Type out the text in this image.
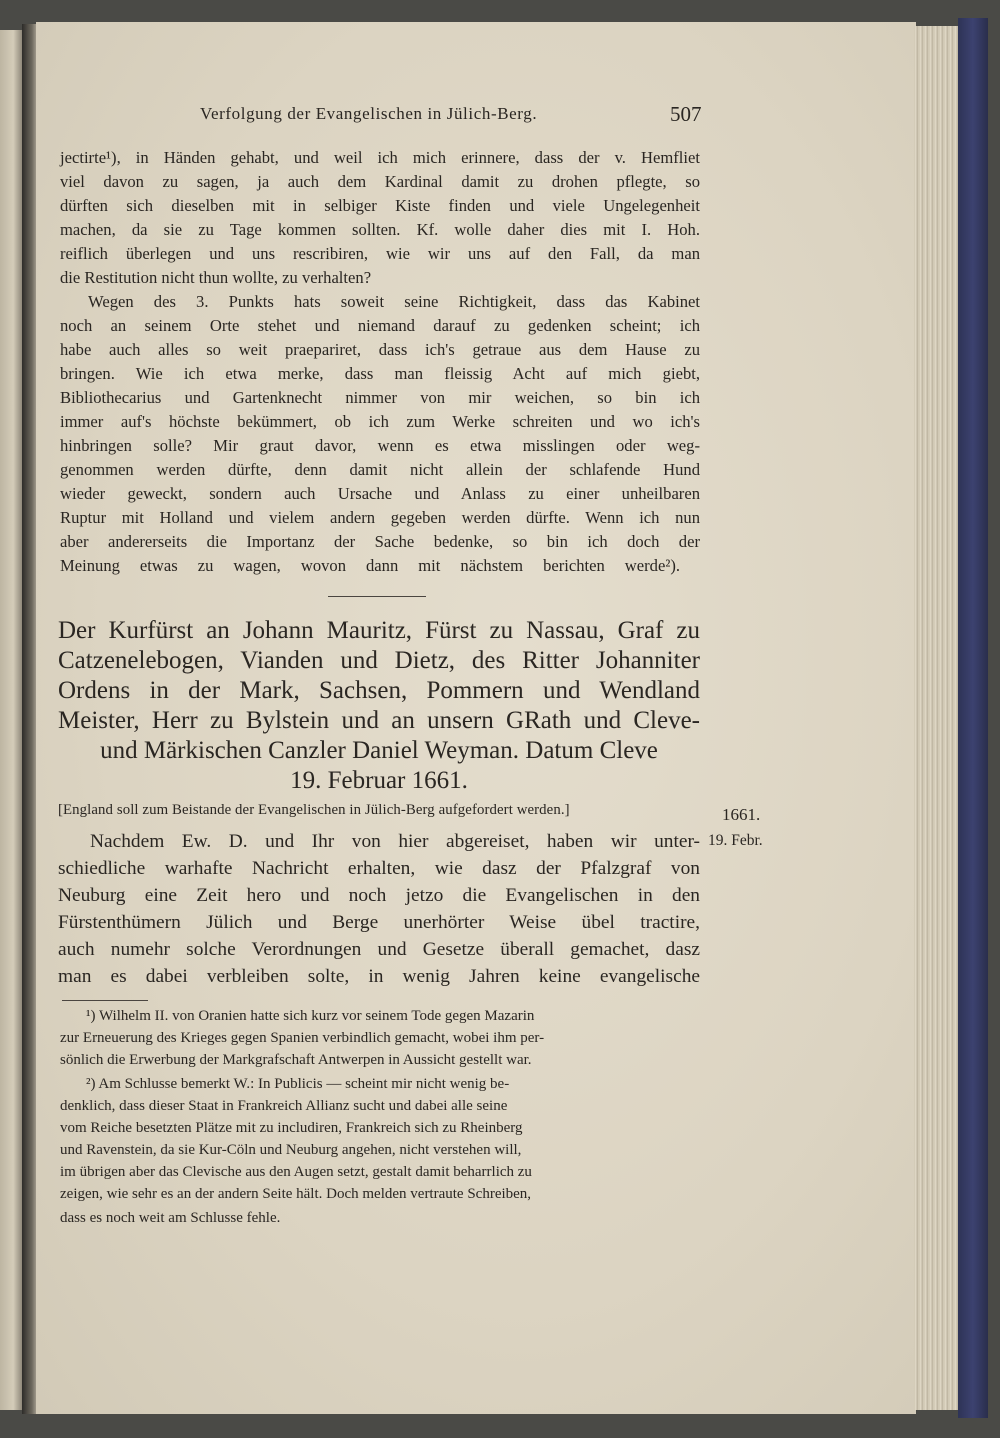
Verfolgung der Evangelischen in Jülich-Berg.	507
jectirte¹), in Händen gehabt, und weil ich mich erinnere, dass der v. Hemfliet
viel davon zu sagen, ja auch dem Kardinal damit zu drohen pflegte, so
dürften sich dieselben mit in selbiger Kiste finden und viele Ungelegenheit
machen, da sie zu Tage kommen sollten. Kf. wolle daher dies mit I. Hoh.
reiflich überlegen und uns rescribiren, wie wir uns auf den Fall, da man
die Restitution nicht thun wollte, zu verhalten?
Wegen des 3. Punkts hats soweit seine Richtigkeit, dass das Kabinet
noch an seinem Orte stehet und niemand darauf zu gedenken scheint; ich
habe auch alles so weit praepariret, dass ich's getraue aus dem Hause zu
bringen. Wie ich etwa merke, dass man fleissig Acht auf mich giebt,
Bibliothecarius und Gartenknecht nimmer von mir weichen, so bin ich
immer auf's höchste bekümmert, ob ich zum Werke schreiten und wo ich's
hinbringen solle? Mir graut davor, wenn es etwa misslingen oder weg-
genommen werden dürfte, denn damit nicht allein der schlafende Hund
wieder geweckt, sondern auch Ursache und Anlass zu einer unheilbaren
Ruptur mit Holland und vielem andern gegeben werden dürfte. Wenn ich nun
aber andererseits die Importanz der Sache bedenke, so bin ich doch der
Meinung etwas zu wagen, wovon dann mit nächstem berichten werde²).
Der Kurfürst an Johann Mauritz, Fürst zu Nassau, Graf zu
Catzenelebogen, Vianden und Dietz, des Ritter Johanniter
Ordens in der Mark, Sachsen, Pommern und Wendland
Meister, Herr zu Bylstein und an unsern GRath und Cleve-
und Märkischen Canzler Daniel Weyman. Datum Cleve
19. Februar 1661.
[England soll zum Beistande der Evangelischen in Jülich-Berg aufgefordert werden.]	1661.
19. Febr.
Nachdem Ew. D. und Ihr von hier abgereiset, haben wir unter-
schiedliche warhafte Nachricht erhalten, wie dasz der Pfalzgraf von
Neuburg eine Zeit hero und noch jetzo die Evangelischen in den
Fürstenthümern Jülich und Berge unerhörter Weise übel tractire,
auch numehr solche Verordnungen und Gesetze überall gemachet, dasz
man es dabei verbleiben solte, in wenig Jahren keine evangelische
¹) Wilhelm II. von Oranien hatte sich kurz vor seinem Tode gegen Mazarin
zur Erneuerung des Krieges gegen Spanien verbindlich gemacht, wobei ihm per-
sönlich die Erwerbung der Markgrafschaft Antwerpen in Aussicht gestellt war.
²) Am Schlusse bemerkt W.: In Publicis — scheint mir nicht wenig be-
denklich, dass dieser Staat in Frankreich Allianz sucht und dabei alle seine
vom Reiche besetzten Plätze mit zu includiren, Frankreich sich zu Rheinberg
und Ravenstein, da sie Kur-Cöln und Neuburg angehen, nicht verstehen will,
im übrigen aber das Clevische aus den Augen setzt, gestalt damit beharrlich zu
zeigen, wie sehr es an der andern Seite hält. Doch melden vertraute Schreiben,
dass es noch weit am Schlusse fehle.
